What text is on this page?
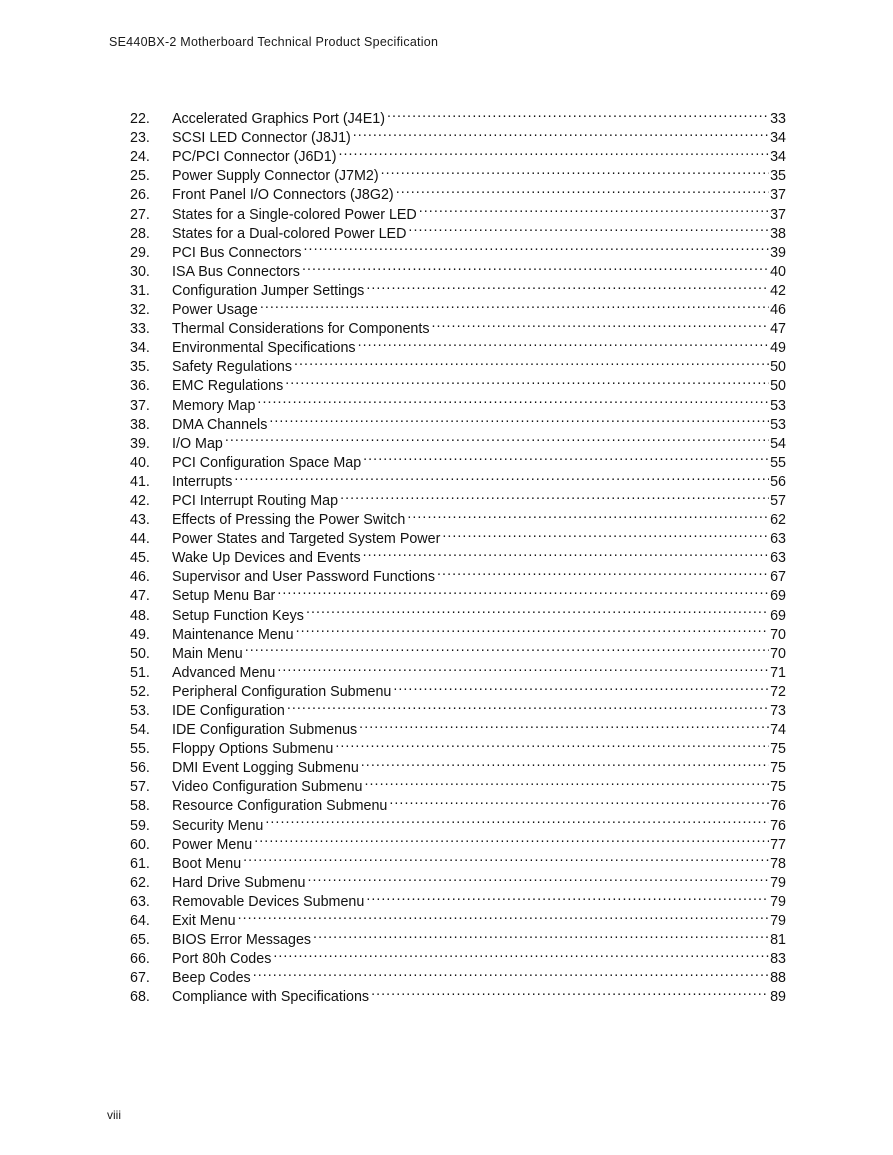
SE440BX-2 Motherboard Technical Product Specification
22.	Accelerated Graphics Port (J4E1) .....	33
23.	SCSI LED Connector (J8J1) .....	34
24.	PC/PCI Connector (J6D1) .....	34
25.	Power Supply Connector (J7M2) .....	35
26.	Front Panel I/O Connectors (J8G2) .....	37
27.	States for a Single-colored Power LED .....	37
28.	States for a Dual-colored Power LED .....	38
29.	PCI Bus Connectors .....	39
30.	ISA Bus Connectors .....	40
31.	Configuration Jumper Settings .....	42
32.	Power Usage .....	46
33.	Thermal Considerations for Components .....	47
34.	Environmental Specifications .....	49
35.	Safety Regulations .....	50
36.	EMC Regulations .....	50
37.	Memory Map .....	53
38.	DMA Channels .....	53
39.	I/O Map .....	54
40.	PCI Configuration Space Map .....	55
41.	Interrupts .....	56
42.	PCI Interrupt Routing Map .....	57
43.	Effects of Pressing the Power Switch .....	62
44.	Power States and Targeted System Power .....	63
45.	Wake Up Devices and Events .....	63
46.	Supervisor and User Password Functions .....	67
47.	Setup Menu Bar .....	69
48.	Setup Function Keys .....	69
49.	Maintenance Menu .....	70
50.	Main Menu .....	70
51.	Advanced Menu .....	71
52.	Peripheral Configuration Submenu .....	72
53.	IDE Configuration .....	73
54.	IDE Configuration Submenus .....	74
55.	Floppy Options Submenu .....	75
56.	DMI Event Logging Submenu .....	75
57.	Video Configuration Submenu .....	75
58.	Resource Configuration Submenu .....	76
59.	Security Menu .....	76
60.	Power Menu .....	77
61.	Boot Menu .....	78
62.	Hard Drive Submenu .....	79
63.	Removable Devices Submenu .....	79
64.	Exit Menu .....	79
65.	BIOS Error Messages .....	81
66.	Port 80h Codes .....	83
67.	Beep Codes .....	88
68.	Compliance with Specifications .....	89
viii
